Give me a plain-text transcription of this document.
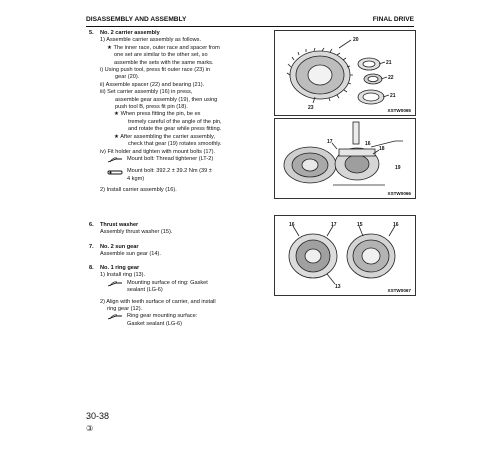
DISASSEMBLY AND ASSEMBLY	FINAL DRIVE

5. No. 2 carrier assembly

1) Assemble carrier assembly as follows.

★ The inner race, outer race and spacer from

one set are similar to the other set, so

assemble the sets with the same marks.

i) Using push tool, press fit outer race (23) in

gear (20).

ii) Assemble spacer (22) and bearing (21).

iii) Set carrier assembly (16) in press,

assemble gear assembly (19), then using

push tool B, press fit pin (18).

★ When press fitting the pin, be ex

tremely careful of the angle of the pin,

and rotate the gear while press fitting.

★ After assembling the carrier assembly,

check that gear (19) rotates smoothly.

iv) Fit holder and tighten with mount bolts (17).

Mount bolt: Thread tightener (LT-2)

Mount bolt: 392.2 ± 39.2 Nm (39 ±

4 kgm)

2) Install carrier assembly (16).

6. Thrust washer

Assembly thrust washer (15).

7. No. 2 sun gear

Assemble sun gear (14).

8. No. 1 ring gear

1) Install ring (13).

Mounting surface of ring: Gasket

sealant (LG-6)

2) Align with teeth surface of carrier, and install

ring gear (12).

Ring gear mounting surface:

Gasket sealant (LG-6)

20
21
22
23
21
XSTW0065
17	16
18
19
XSTW0066
16	17	15	16
13
XSTW0067
30-38
③
